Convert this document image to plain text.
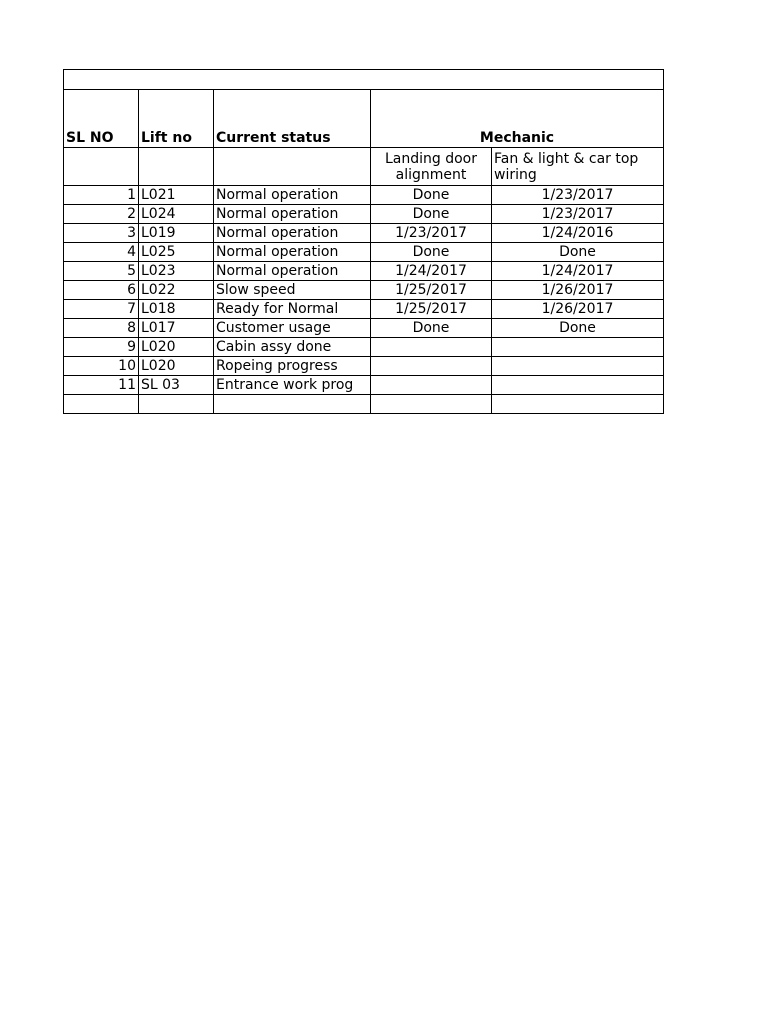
SL NO	Lift no	Current status	Mechanic	
			Landing door alignment	Fan & light & car top wiring
1	L021	Normal operation	Done	1/23/2017
2	L024	Normal operation	Done	1/23/2017
3	L019	Normal operation	1/23/2017	1/24/2016
4	L025	Normal operation	Done	Done
5	L023	Normal operation	1/24/2017	1/24/2017
6	L022	Slow speed	1/25/2017	1/26/2017
7	L018	Ready for Normal	1/25/2017	1/26/2017
8	L017	Customer usage	Done	Done
9	L020	Cabin assy done		
10	L020	Ropeing progress		
11	SL 03	Entrance work prog		
